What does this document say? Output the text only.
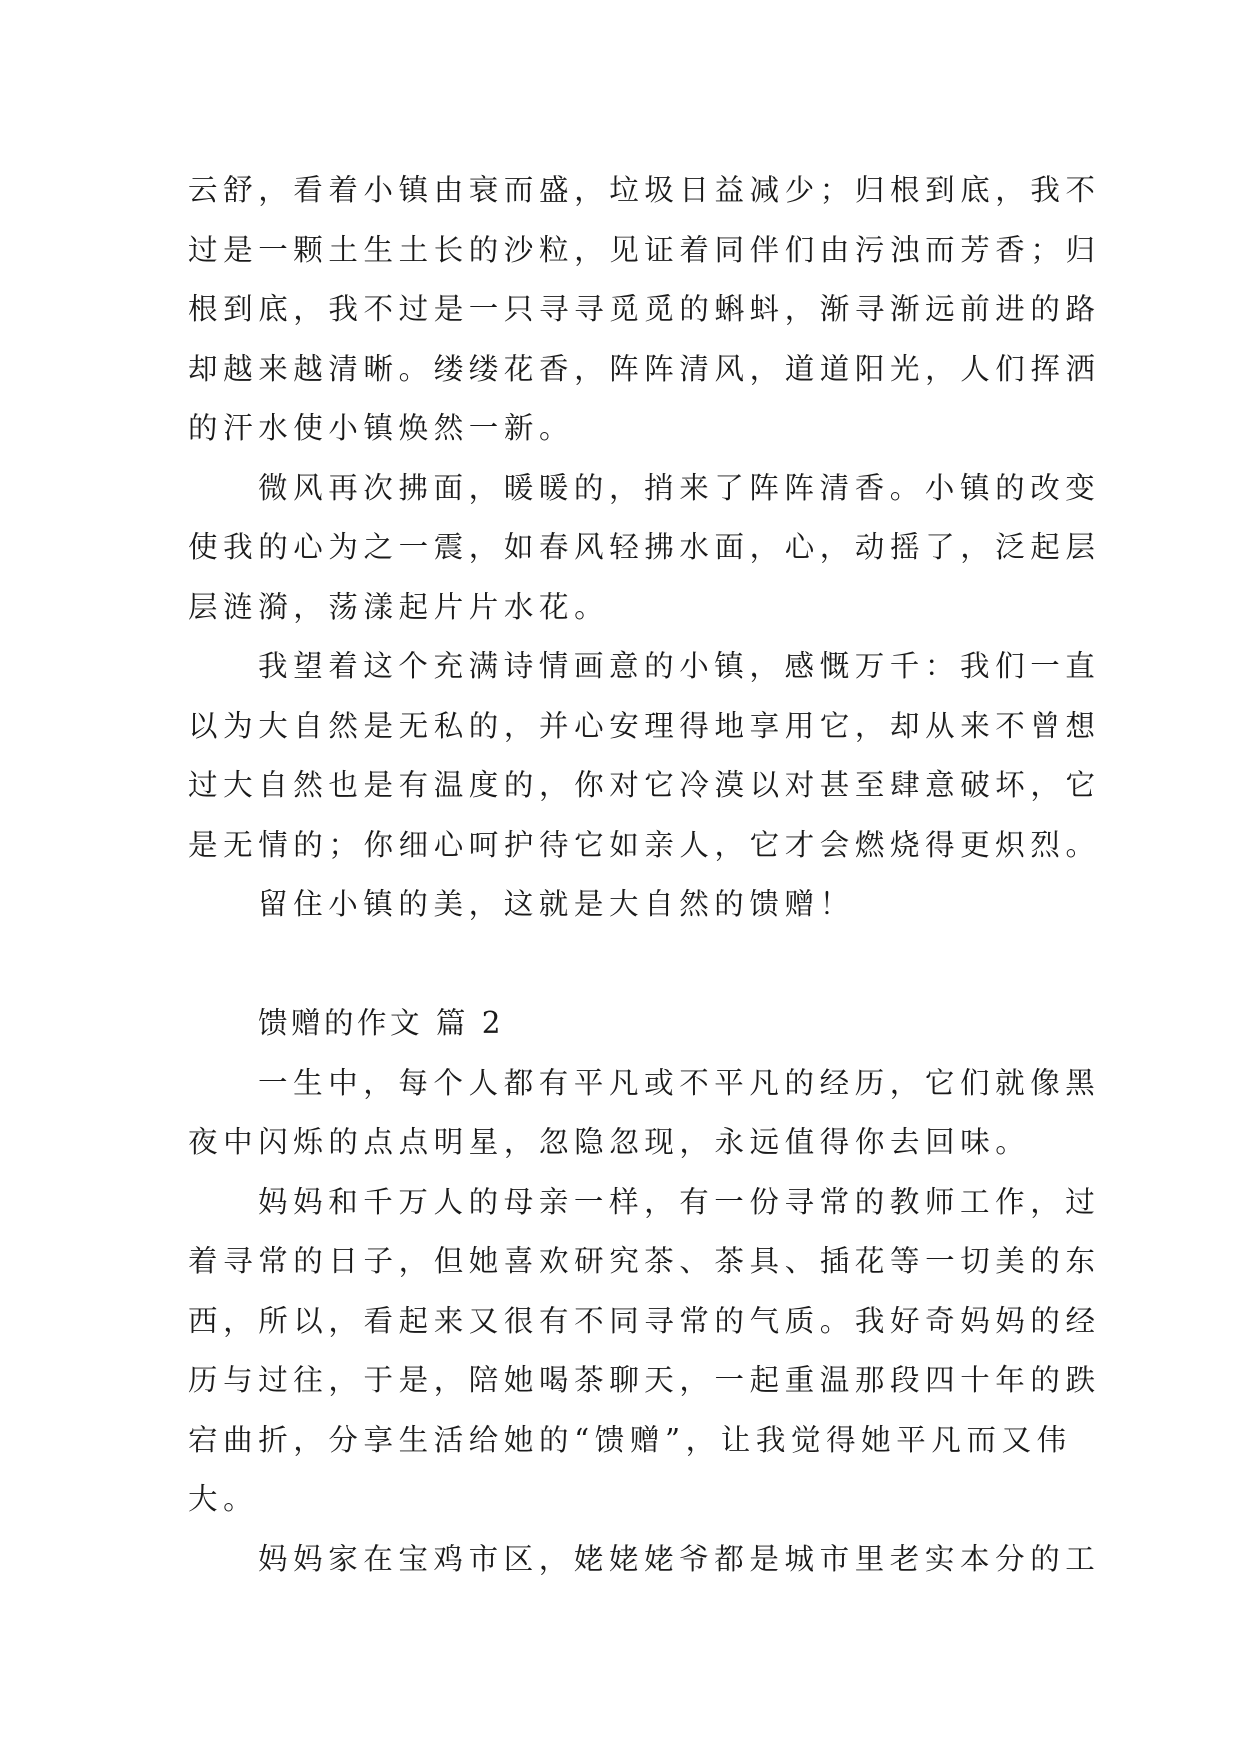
云舒，看着小镇由衰而盛，垃圾日益减少；归根到底，我不
过是一颗土生土长的沙粒，见证着同伴们由污浊而芳香；归
根到底，我不过是一只寻寻觅觅的蝌蚪，渐寻渐远前进的路
却越来越清晰。缕缕花香，阵阵清风，道道阳光，人们挥洒
的汗水使小镇焕然一新。
微风再次拂面，暖暖的，捎来了阵阵清香。小镇的改变
使我的心为之一震，如春风轻拂水面，心，动摇了，泛起层
层涟漪，荡漾起片片水花。
我望着这个充满诗情画意的小镇，感慨万千：我们一直
以为大自然是无私的，并心安理得地享用它，却从来不曾想
过大自然也是有温度的，你对它冷漠以对甚至肆意破坏，它
是无情的；你细心呵护待它如亲人，它才会燃烧得更炽烈。
留住小镇的美，这就是大自然的馈赠！
馈赠的作文 篇 2
一生中，每个人都有平凡或不平凡的经历，它们就像黑
夜中闪烁的点点明星，忽隐忽现，永远值得你去回味。
妈妈和千万人的母亲一样，有一份寻常的教师工作，过
着寻常的日子，但她喜欢研究茶、茶具、插花等一切美的东
西，所以，看起来又很有不同寻常的气质。我好奇妈妈的经
历与过往，于是，陪她喝茶聊天，一起重温那段四十年的跌
宕曲折，分享生活给她的“馈赠”，让我觉得她平凡而又伟
大。
妈妈家在宝鸡市区，姥姥姥爷都是城市里老实本分的工
